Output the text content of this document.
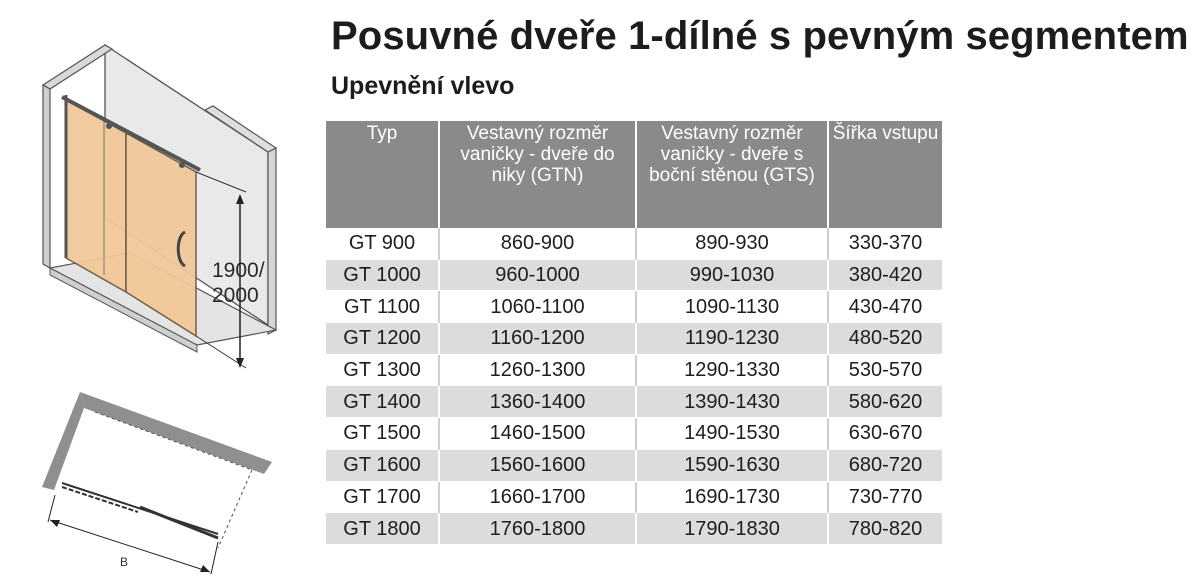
1900/
2000
B
Posuvné dveře 1-dílné s pevným segmentem
Upevnění vlevo
Typ	Vestavný rozměr vaničky - dveře do niky (GTN)	Vestavný rozměr vaničky - dveře s boční stěnou (GTS)	Šířka vstupu
GT 900	860-900	890-930	330-370
GT 1000	960-1000	990-1030	380-420
GT 1100	1060-1100	1090-1130	430-470
GT 1200	1160-1200	1190-1230	480-520
GT 1300	1260-1300	1290-1330	530-570
GT 1400	1360-1400	1390-1430	580-620
GT 1500	1460-1500	1490-1530	630-670
GT 1600	1560-1600	1590-1630	680-720
GT 1700	1660-1700	1690-1730	730-770
GT 1800	1760-1800	1790-1830	780-820
